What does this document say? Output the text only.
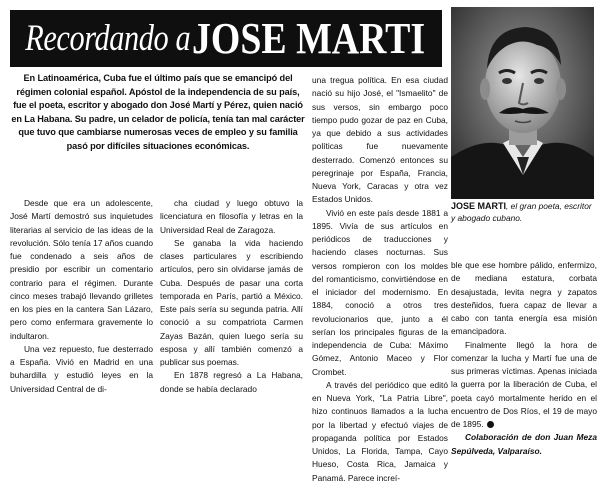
Recordando a
JOSE MARTI
JOSE MARTI, el gran poeta, escritor y abogado cubano.
En Latinoamérica, Cuba fue el último país que se emancipó del régimen colonial español. Apóstol de la independencia de su país, fue el poeta, escritor y abogado don José Martí y Pérez, quien nació en La Habana. Su padre, un celador de policía, tenía tan mal carácter que tuvo que cambiarse numerosas veces de empleo y su familia pasó por difíciles situaciones económicas.

Desde que era un adolescente, José Martí demostró sus inquietudes literarias al servicio de las ideas de la revolución. Sólo tenía 17 años cuando fue condenado a seis años de presidio por escribir un comentario contrario para el régimen. Durante cinco meses trabajó llevando grilletes en los pies en la cantera San Lázaro, pero como enfermara gravemente lo indultaron.

Una vez repuesto, fue desterrado a España. Vivió en Madrid en una buhardilla y estudió leyes en la Universidad Central de di-

cha ciudad y luego obtuvo la licenciatura en filosofía y letras en la Universidad Real de Zaragoza.

Se ganaba la vida haciendo clases particulares y escribiendo artículos, pero sin olvidarse jamás de Cuba. Después de pasar una corta temporada en París, partió a México. Este país sería su segunda patria. Allí conoció a su compatriota Carmen Zayas Bazán, quien luego sería su esposa y allí también comenzó a publicar sus poemas.

En 1878 regresó a La Habana, donde se había declarado

una tregua política. En esa ciudad nació su hijo José, el "Ismaelito" de sus versos, sin embargo poco tiempo pudo gozar de paz en Cuba, ya que debido a sus actividades políticas fue nuevamente desterrado. Comenzó entonces su peregrinaje por España, Francia, Nueva York, Caracas y otra vez Estados Unidos.

Vivió en este país desde 1881 a 1895. Vivía de sus artículos en periódicos de traducciones y haciendo clases nocturnas. Sus versos rompieron con los moldes del romanticismo, convirtiéndose en el iniciador del modernismo. En 1884, conoció a otros tres revolucionarios que, junto a él serían los principales figuras de la independencia de Cuba: Máximo Gómez, Antonio Maceo y Flor Crombet.

A través del periódico que editó en Nueva York, "La Patria Libre", hizo continuos llamados a la lucha por la libertad y efectuó viajes de propaganda política por Estados Unidos, La Florida, Tampa, Cayo Hueso, Costa Rica, Jamaica y Panamá. Parece increí-

ble que ese hombre pálido, enfermizo, de mediana estatura, corbata desajustada, levita negra y zapatos desteñidos, fuera capaz de llevar a cabo con tanta energía esa misión emancipadora.

Finalmente llegó la hora de comenzar la lucha y Martí fue una de sus primeras víctimas. Apenas iniciada la guerra por la liberación de Cuba, el poeta cayó mortalmente herido en el encuentro de Dos Ríos, el 19 de mayo de 1895.

Colaboración de don Juan Meza Sepúlveda, Valparaíso.
